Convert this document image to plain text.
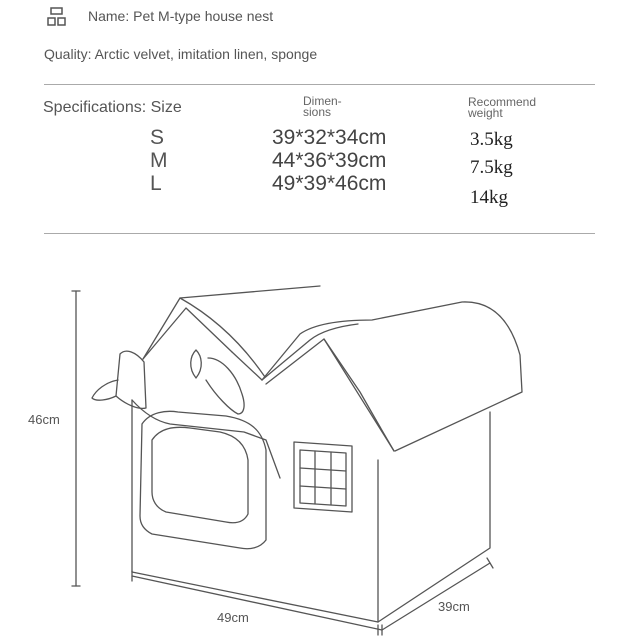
Name: Pet M-type house nest
Quality: Arctic velvet, imitation linen, sponge
Specifications: Size	Dimen-
sions
Recommend
weight
S
M
L
39*32*34cm
44*36*39cm
49*39*46cm
3.5kg
7.5kg
14kg
46cm
49cm
39cm
